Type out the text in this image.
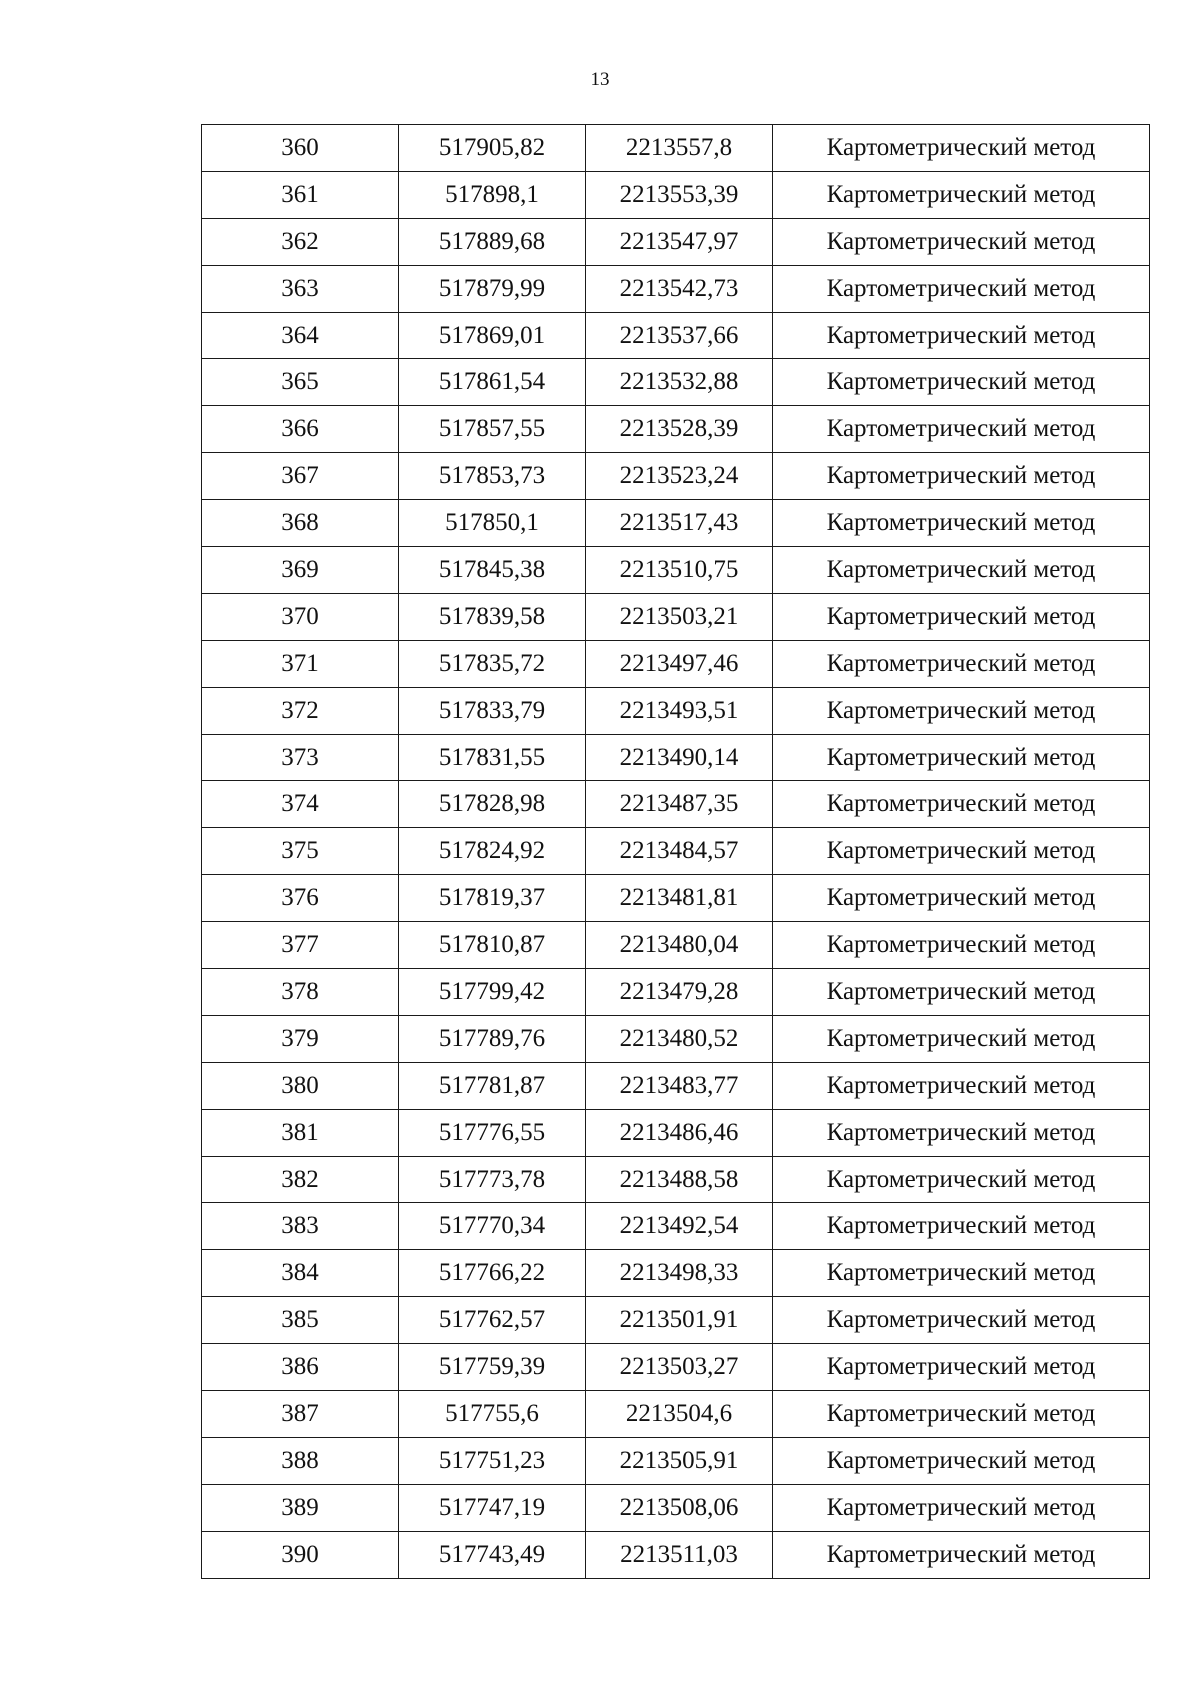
13
360	517905,82	2213557,8	Картометрический метод
361	517898,1	2213553,39	Картометрический метод
362	517889,68	2213547,97	Картометрический метод
363	517879,99	2213542,73	Картометрический метод
364	517869,01	2213537,66	Картометрический метод
365	517861,54	2213532,88	Картометрический метод
366	517857,55	2213528,39	Картометрический метод
367	517853,73	2213523,24	Картометрический метод
368	517850,1	2213517,43	Картометрический метод
369	517845,38	2213510,75	Картометрический метод
370	517839,58	2213503,21	Картометрический метод
371	517835,72	2213497,46	Картометрический метод
372	517833,79	2213493,51	Картометрический метод
373	517831,55	2213490,14	Картометрический метод
374	517828,98	2213487,35	Картометрический метод
375	517824,92	2213484,57	Картометрический метод
376	517819,37	2213481,81	Картометрический метод
377	517810,87	2213480,04	Картометрический метод
378	517799,42	2213479,28	Картометрический метод
379	517789,76	2213480,52	Картометрический метод
380	517781,87	2213483,77	Картометрический метод
381	517776,55	2213486,46	Картометрический метод
382	517773,78	2213488,58	Картометрический метод
383	517770,34	2213492,54	Картометрический метод
384	517766,22	2213498,33	Картометрический метод
385	517762,57	2213501,91	Картометрический метод
386	517759,39	2213503,27	Картометрический метод
387	517755,6	2213504,6	Картометрический метод
388	517751,23	2213505,91	Картометрический метод
389	517747,19	2213508,06	Картометрический метод
390	517743,49	2213511,03	Картометрический метод
